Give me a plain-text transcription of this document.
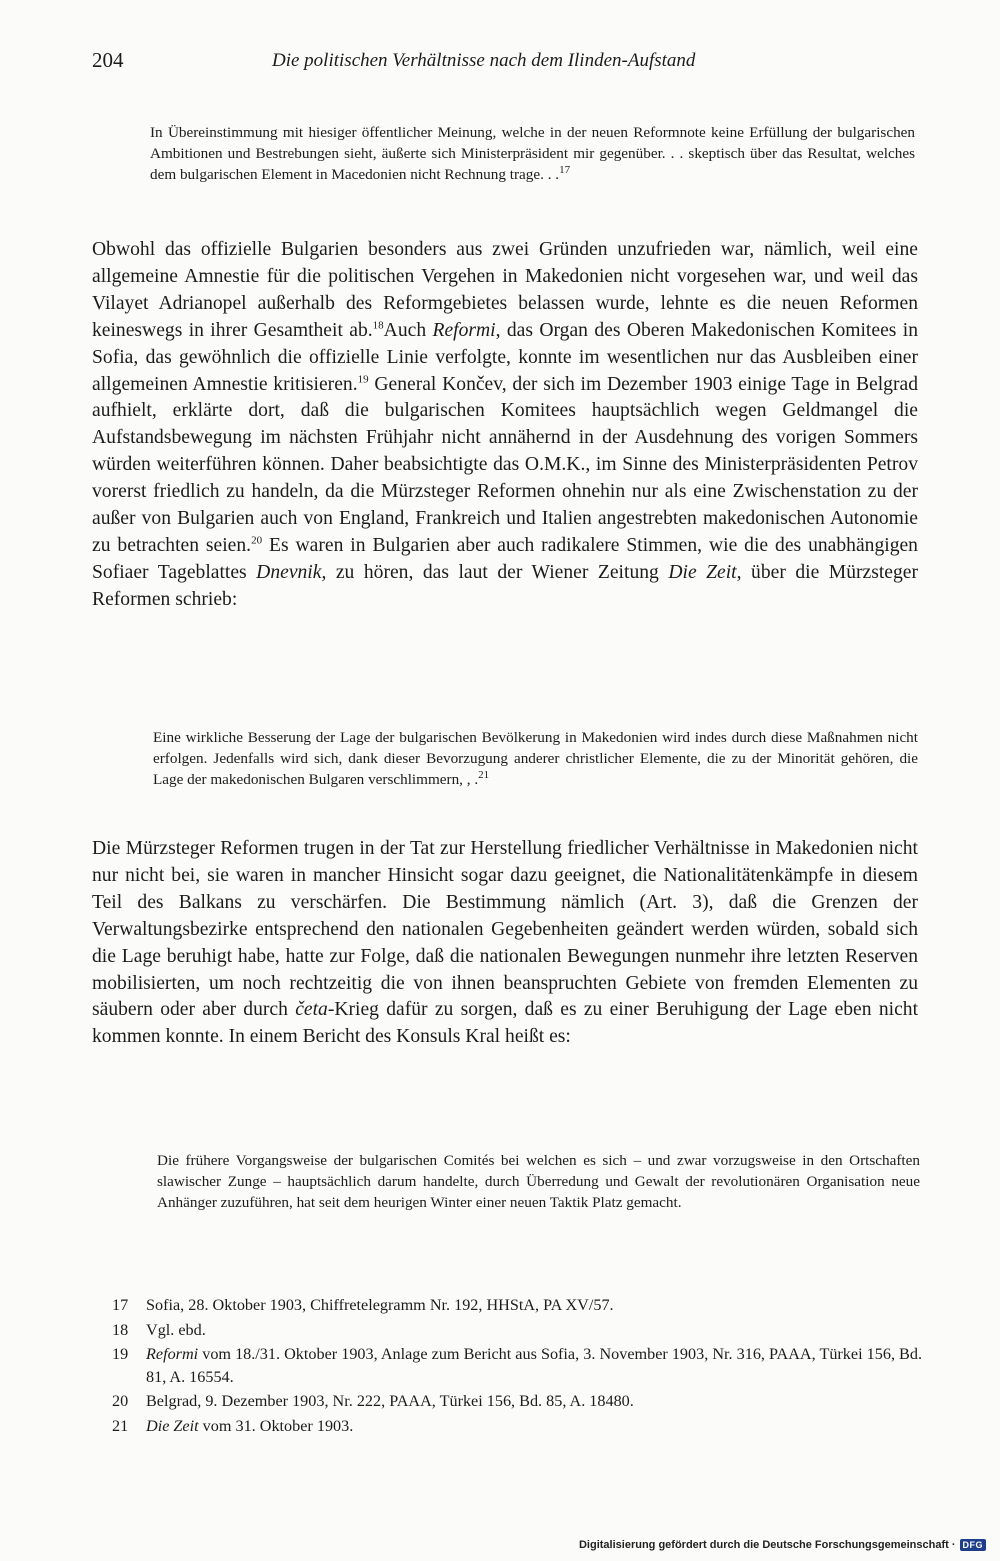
204	Die politischen Verhältnisse nach dem Ilinden-Aufstand
In Übereinstimmung mit hiesiger öffentlicher Meinung, welche in der neuen Reformnote keine Erfüllung der bulgarischen Ambitionen und Bestrebungen sieht, äußerte sich Ministerpräsident mir gegenüber. . . skeptisch über das Resultat, welches dem bulgarischen Element in Macedonien nicht Rechnung trage. . .$^{17}$
Obwohl das offizielle Bulgarien besonders aus zwei Gründen unzufrieden war, nämlich, weil eine allgemeine Amnestie für die politischen Vergehen in Makedonien nicht vorgesehen war, und weil das Vilayet Adrianopel außerhalb des Reformgebietes belassen wurde, lehnte es die neuen Reformen keineswegs in ihrer Gesamtheit ab.$^{18}$Auch Reformi, das Organ des Oberen Makedonischen Komitees in Sofia, das gewöhnlich die offizielle Linie verfolgte, konnte im wesentlichen nur das Ausbleiben einer allgemeinen Amnestie kritisieren.$^{19}$ General Končev, der sich im Dezember 1903 einige Tage in Belgrad aufhielt, erklärte dort, daß die bulgarischen Komitees hauptsächlich wegen Geldmangel die Aufstandsbewegung im nächsten Frühjahr nicht annähernd in der Ausdehnung des vorigen Sommers würden weiterführen können. Daher beabsichtigte das O.M.K., im Sinne des Ministerpräsidenten Petrov vorerst friedlich zu handeln, da die Mürzsteger Reformen ohnehin nur als eine Zwischenstation zu der außer von Bulgarien auch von England, Frankreich und Italien angestrebten makedonischen Autonomie zu betrachten seien.$^{20}$ Es waren in Bulgarien aber auch radikalere Stimmen, wie die des unabhängigen Sofiaer Tageblattes Dnevnik, zu hören, das laut der Wiener Zeitung Die Zeit, über die Mürzsteger Reformen schrieb:
Eine wirkliche Besserung der Lage der bulgarischen Bevölkerung in Makedonien wird indes durch diese Maßnahmen nicht erfolgen. Jedenfalls wird sich, dank dieser Bevorzugung anderer christlicher Elemente, die zu der Minorität gehören, die Lage der makedonischen Bulgaren verschlimmern, , .$^{21}$
Die Mürzsteger Reformen trugen in der Tat zur Herstellung friedlicher Verhältnisse in Makedonien nicht nur nicht bei, sie waren in mancher Hinsicht sogar dazu geeignet, die Nationalitätenkämpfe in diesem Teil des Balkans zu verschärfen. Die Bestimmung nämlich (Art. 3), daß die Grenzen der Verwaltungsbezirke entsprechend den nationalen Gegebenheiten geändert werden würden, sobald sich die Lage beruhigt habe, hatte zur Folge, daß die nationalen Bewegungen nunmehr ihre letzten Reserven mobilisierten, um noch rechtzeitig die von ihnen beanspruchten Gebiete von fremden Elementen zu säubern oder aber durch četa-Krieg dafür zu sorgen, daß es zu einer Beruhigung der Lage eben nicht kommen konnte. In einem Bericht des Konsuls Kral heißt es:
Die frühere Vorgangsweise der bulgarischen Comités bei welchen es sich – und zwar vorzugsweise in den Ortschaften slawischer Zunge – hauptsächlich darum handelte, durch Überredung und Gewalt der revolutionären Organisation neue Anhänger zuzuführen, hat seit dem heurigen Winter einer neuen Taktik Platz gemacht.
17 Sofia, 28. Oktober 1903, Chiffretelegramm Nr. 192, HHStA, PA XV/57.
18 Vgl. ebd.
19 Reformi vom 18./31. Oktober 1903, Anlage zum Bericht aus Sofia, 3. November 1903, Nr. 316, PAAA, Türkei 156, Bd. 81, A. 16554.
20 Belgrad, 9. Dezember 1903, Nr. 222, PAAA, Türkei 156, Bd. 85, A. 18480.
21 Die Zeit vom 31. Oktober 1903.
Digitalisierung gefördert durch die Deutsche Forschungsgemeinschaft · DFG
